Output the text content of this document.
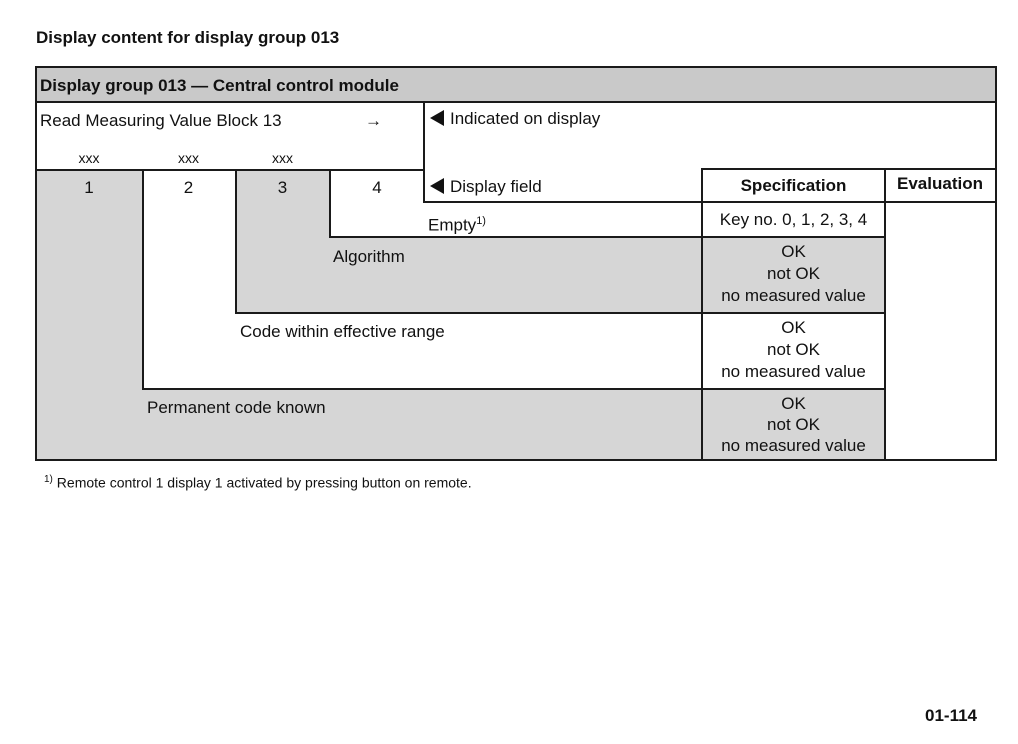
Display content for display group 013
Display group 013 — Central control module
Read Measuring Value Block 13	→	Indicated on display
xxx	xxx	xxx
1	2	3	4	Display field	Specification	Evaluation
Empty$^{1)}$	Key no. 0, 1, 2, 3, 4
Algorithm	OK
not OK
no measured value
Code within effective range	OK
not OK
no measured value
Permanent code known	OK
not OK
no measured value
$^{1)}$ Remote control 1 display 1 activated by pressing button on remote.
01-114
